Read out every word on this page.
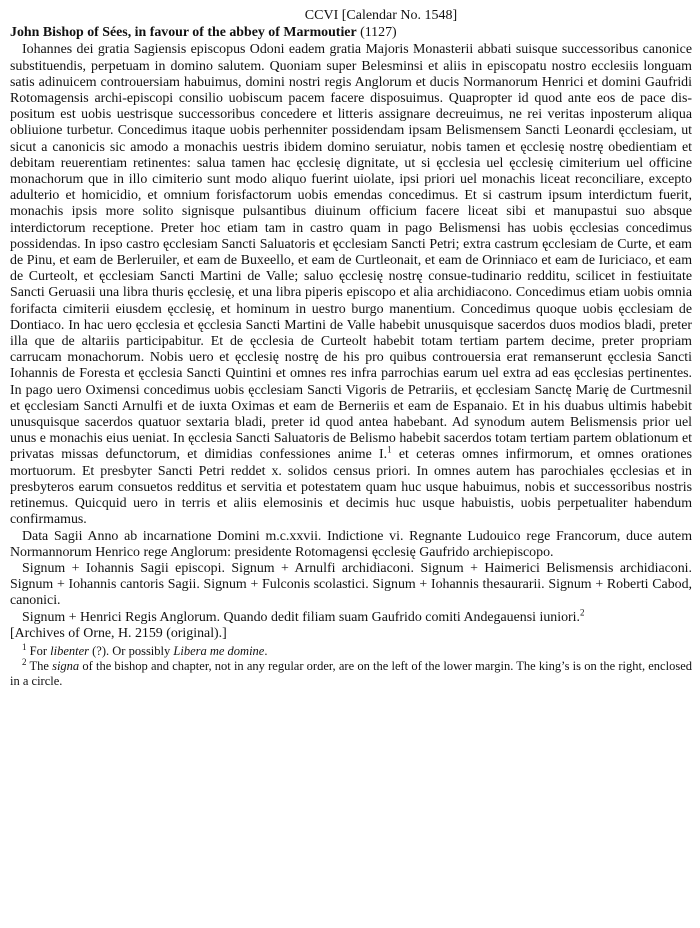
CCVI [Calendar No. 1548]
John Bishop of Sées, in favour of the abbey of Marmoutier (1127)

Iohannes dei gratia Sagiensis episcopus Odoni eadem gratia Majoris Monasterii abbati suisque successoribus canonice substituendis, perpetuam in domino salutem. Quoniam super Belesminsi et aliis in episcopatu nostro ecclesiis longuam satis adinuicem controuersiam habuimus, domini nostri regis Anglorum et ducis Normanorum Henrici et domini Gaufridi Rotomagensis archi-episcopi consilio uobiscum pacem facere disposuimus. Quapropter id quod ante eos de pace dis-positum est uobis uestrisque successoribus concedere et litteris assignare decreuimus, ne rei veritas inposterum aliqua obliuione turbetur. Concedimus itaque uobis perhenniter possidendam ipsam Belismensem Sancti Leonardi ęcclesiam, ut sicut a canonicis sic amodo a monachis uestris ibidem domino seruiatur, nobis tamen et ęcclesię nostrę obedientiam et debitam reuerentiam retinentes: salua tamen hac ęcclesię dignitate, ut si ęcclesia uel ęcclesię cimiterium uel officine monachorum que in illo cimiterio sunt modo aliquo fuerint uiolate, ipsi priori uel monachis liceat reconciliare, excepto adulterio et homicidio, et omnium forisfactorum uobis emendas concedimus. Et si castrum ipsum interdictum fuerit, monachis ipsis more solito signisque pulsantibus diuinum officium facere liceat sibi et manupastui suo absque interdictorum receptione. Preter hoc etiam tam in castro quam in pago Belismensi has uobis ęcclesias concedimus possidendas. In ipso castro ęcclesiam Sancti Saluatoris et ęcclesiam Sancti Petri; extra castrum ęcclesiam de Curte, et eam de Pinu, et eam de Berleruiler, et eam de Buxeello, et eam de Curtleonait, et eam de Orinniaco et eam de Iuriciaco, et eam de Curteolt, et ęcclesiam Sancti Martini de Valle; saluo ęcclesię nostrę consue-tudinario redditu, scilicet in festiuitate Sancti Geruasii una libra thuris ęcclesię, et una libra piperis episcopo et alia archidiacono. Concedimus etiam uobis omnia forifacta cimiterii eiusdem ęcclesię, et hominum in uestro burgo manentium. Concedimus quoque uobis ęcclesiam de Dontiaco. In hac uero ęcclesia et ęcclesia Sancti Martini de Valle habebit unusquisque sacerdos duos modios bladi, preter illa que de altariis participabitur. Et de ęcclesia de Curteolt habebit totam tertiam partem decime, preter propriam carrucam monachorum. Nobis uero et ęcclesię nostrę de his pro quibus controuersia erat remanserunt ęcclesia Sancti Iohannis de Foresta et ęcclesia Sancti Quintini et omnes res infra parrochias earum uel extra ad eas ęcclesias pertinentes. In pago uero Oximensi concedimus uobis ęcclesiam Sancti Vigoris de Petrariis, et ęcclesiam Sanctę Marię de Curtmesnil et ęcclesiam Sancti Arnulfi et de iuxta Oximas et eam de Berneriis et eam de Espanaio. Et in his duabus ultimis habebit unusquisque sacerdos quatuor sextaria bladi, preter id quod antea habebant. Ad synodum autem Belismensis prior uel unus e monachis eius ueniat. In ęcclesia Sancti Saluatoris de Belismo habebit sacerdos totam tertiam partem oblationum et privatas missas defunctorum, et dimidias confessiones anime I.$^1$ et ceteras omnes infirmorum, et omnes orationes mortuorum. Et presbyter Sancti Petri reddet x. solidos census priori. In omnes autem has parochiales ęcclesias et in presbyteros earum consuetos redditus et servitia et potestatem quam huc usque habuimus, nobis et successoribus nostris retinemus. Quicquid uero in terris et aliis elemosinis et decimis huc usque habuistis, uobis perpetualiter habendum confirmamus.

Data Sagii Anno ab incarnatione Domini m.c.xxvii. Indictione vi. Regnante Ludouico rege Francorum, duce autem Normannorum Henrico rege Anglorum: presidente Rotomagensi ęcclesię Gaufrido archiepiscopo.

Signum + Iohannis Sagii episcopi. Signum + Arnulfi archidiaconi. Signum + Haimerici Belismensis archidiaconi. Signum + Iohannis cantoris Sagii. Signum + Fulconis scolastici. Signum + Iohannis thesaurarii. Signum + Roberti Cabod, canonici.

Signum + Henrici Regis Anglorum. Quando dedit filiam suam Gaufrido comiti Andegauensi iuniori.$^2$

[Archives of Orne, H. 2159 (original).]

$^1$ For libenter (?). Or possibly Libera me domine.
$^2$ The signa of the bishop and chapter, not in any regular order, are on the left of the lower margin. The king’s is on the right, enclosed in a circle.
